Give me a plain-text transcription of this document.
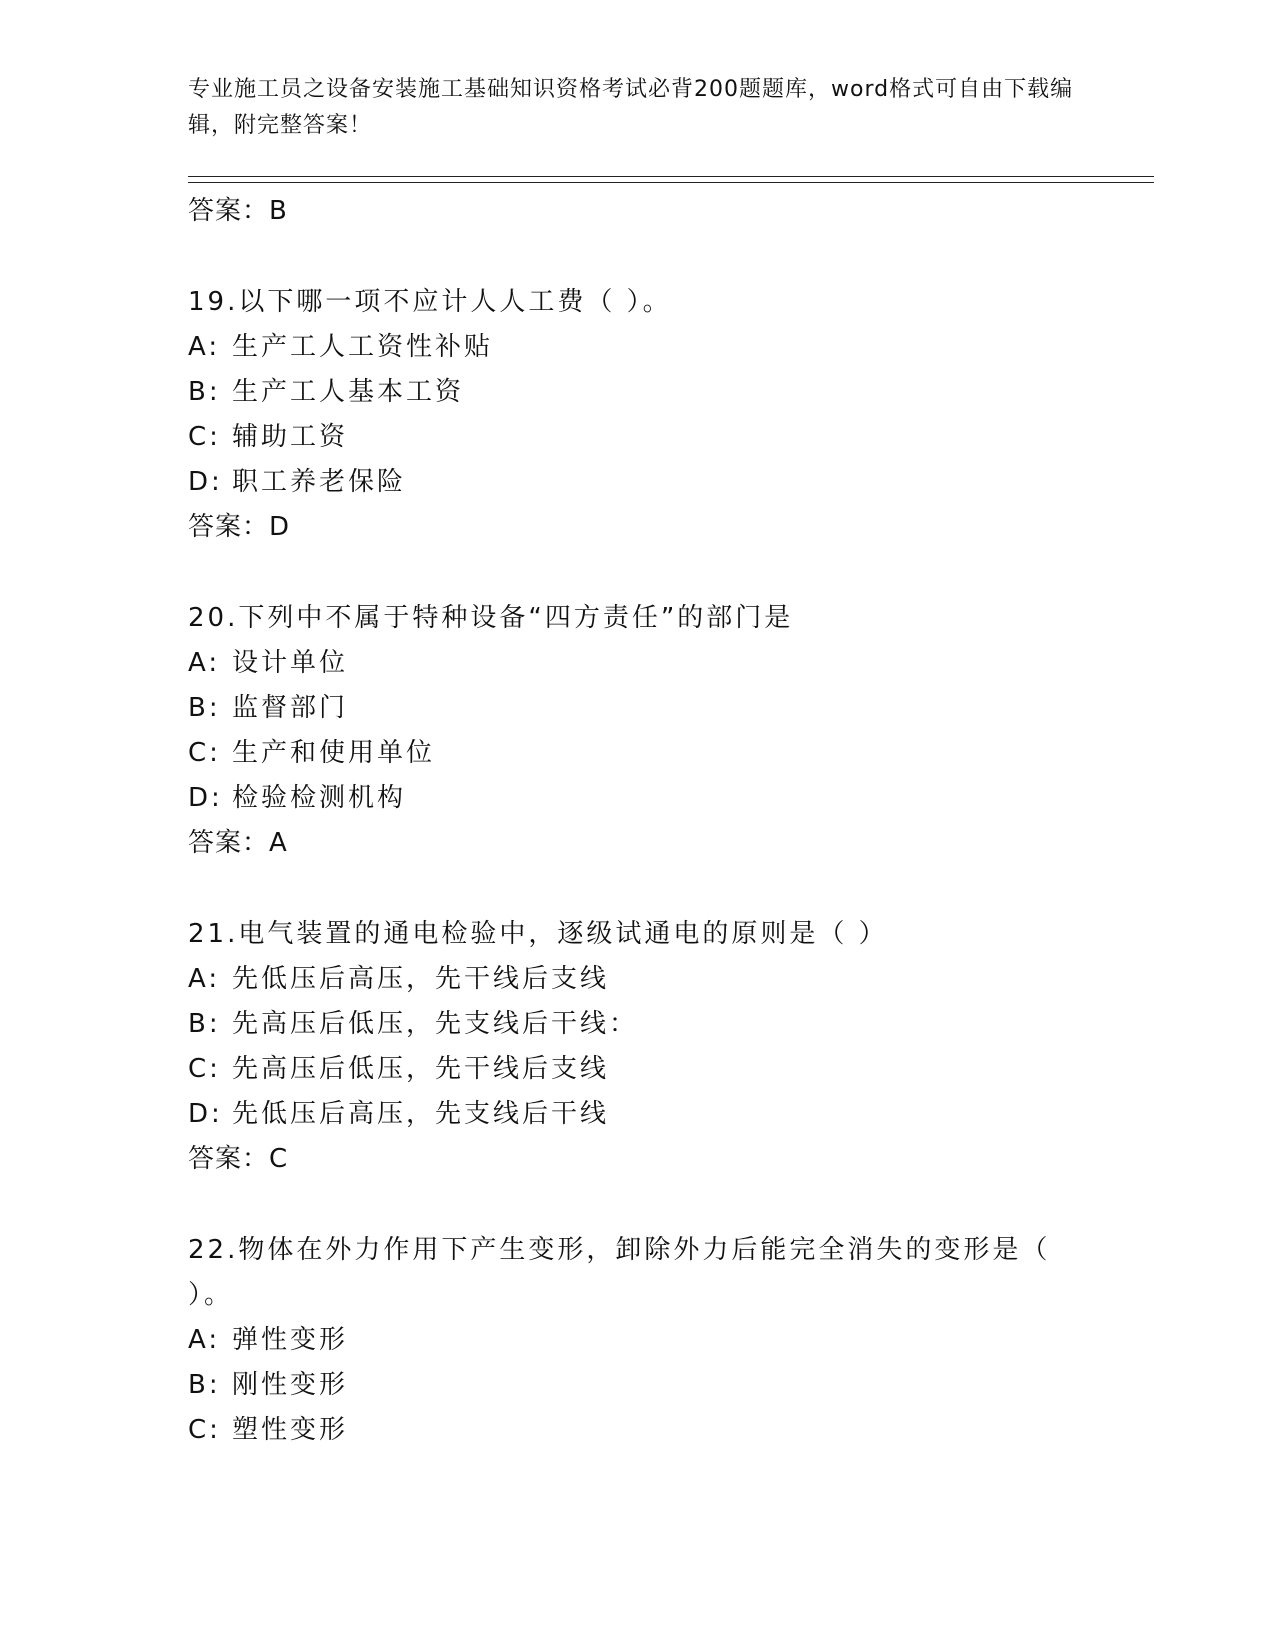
专业施工员之设备安装施工基础知识资格考试必背200题题库，word格式可自由下载编辑，附完整答案！
答案：B
19.以下哪一项不应计人人工费（ ）。
A: 生产工人工资性补贴
B: 生产工人基本工资
C: 辅助工资
D: 职工养老保险
答案：D
20.下列中不属于特种设备“四方责任”的部门是
A: 设计单位
B: 监督部门
C: 生产和使用单位
D: 检验检测机构
答案：A
21.电气装置的通电检验中，逐级试通电的原则是（ ）
A: 先低压后高压，先干线后支线
B: 先高压后低压，先支线后干线：
C: 先高压后低压，先干线后支线
D: 先低压后高压，先支线后干线
答案：C
22.物体在外力作用下产生变形，卸除外力后能完全消失的变形是（ ）。
A: 弹性变形
B: 刚性变形
C: 塑性变形
